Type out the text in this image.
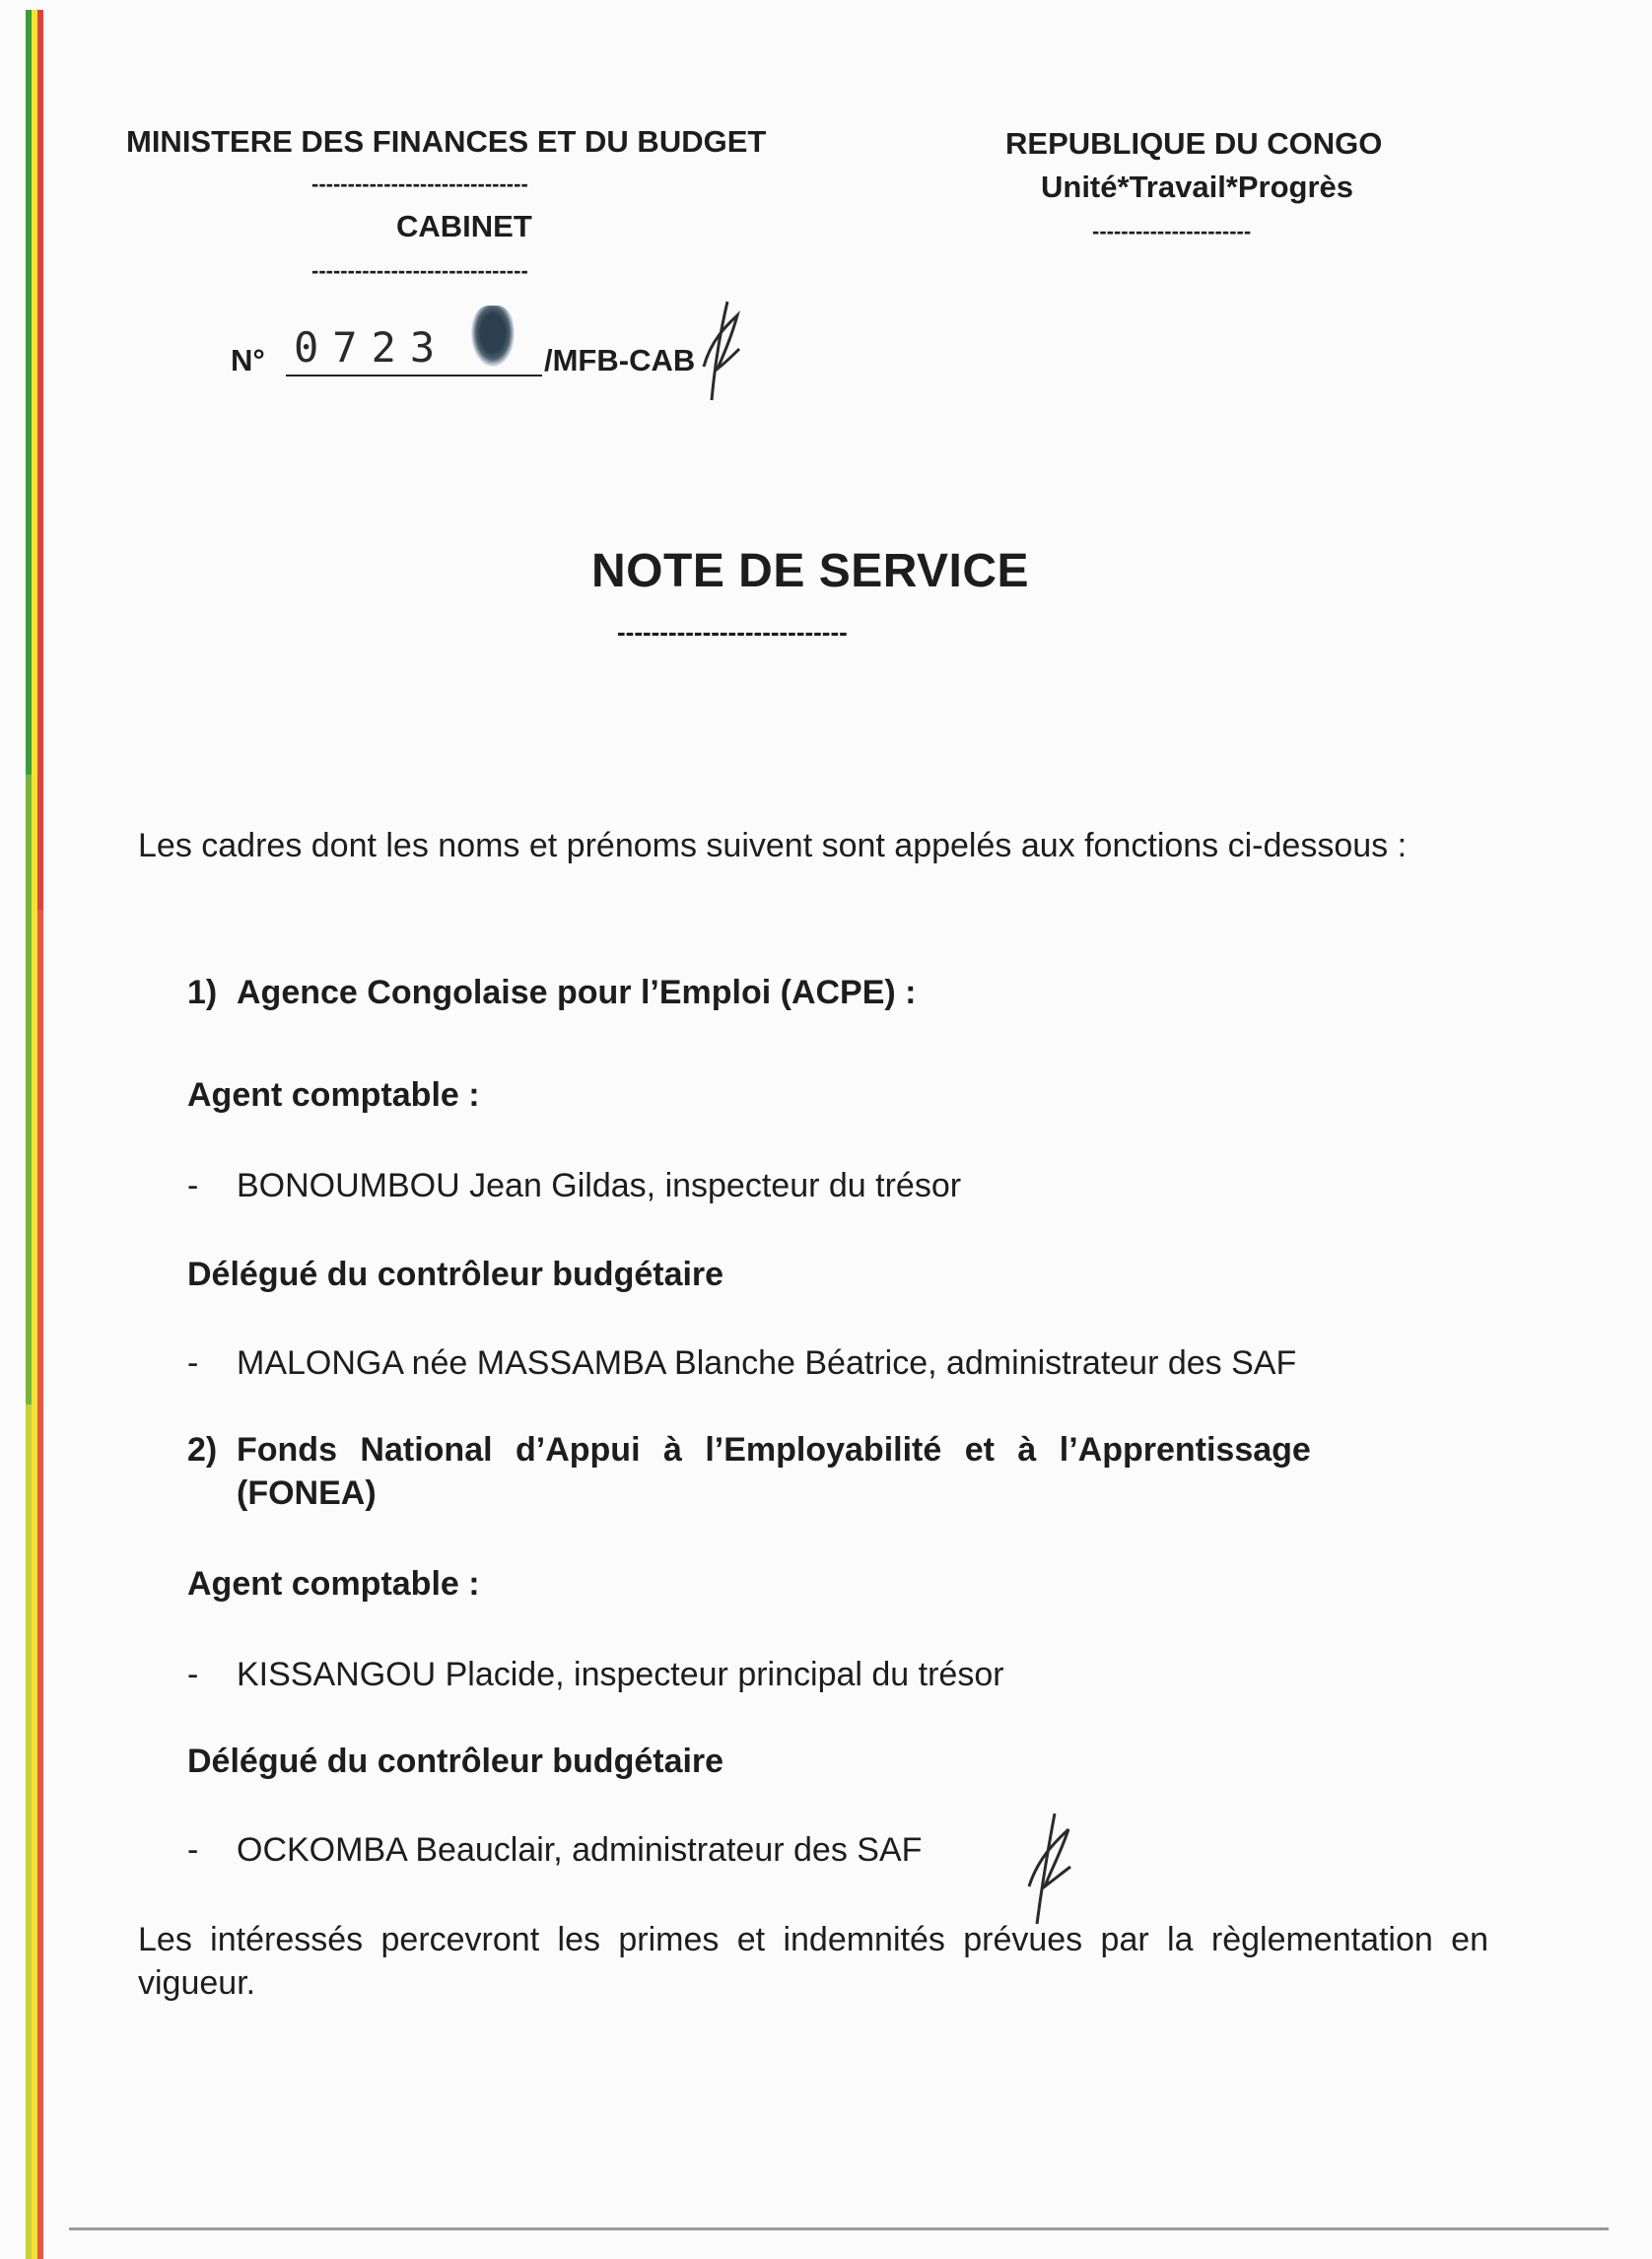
MINISTERE DES FINANCES ET DU BUDGET
------------------------------
CABINET
------------------------------
N° 0723	/MFB-CAB
REPUBLIQUE DU CONGO
Unité*Travail*Progrès
----------------------
NOTE DE SERVICE
---------------------------
Les cadres dont les noms et prénoms suivent sont appelés aux fonctions ci-dessous :
1) Agence Congolaise pour l’Emploi (ACPE) :
Agent comptable :
- BONOUMBOU Jean Gildas, inspecteur du trésor
Délégué du contrôleur budgétaire
- MALONGA née MASSAMBA Blanche Béatrice, administrateur des SAF
2) Fonds National d’Appui à l’Employabilité et à l’Apprentissage
(FONEA)
Agent comptable :
- KISSANGOU Placide, inspecteur principal du trésor
Délégué du contrôleur budgétaire
- OCKOMBA Beauclair, administrateur des SAF
Les intéressés percevront les primes et indemnités prévues par la règlementation en vigueur.
